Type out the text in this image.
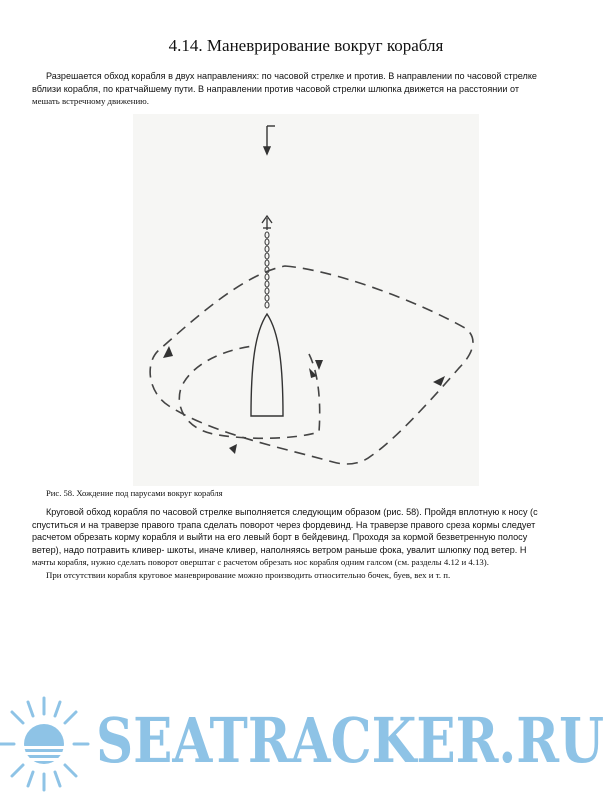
4.14. Маневрирование вокруг корабля
Разрешается обход корабля в двух направлениях: по часовой стрелке и против. В направлении по часовой стрелке
вблизи корабля, по кратчайшему пути. В направлении против часовой стрелки шлюпка движется на расстоянии от
мешать встречному движению.
Рис. 58. Хождение под парусами вокруг корабля
Круговой обход корабля по часовой стрелке выполняется следующим образом (рис. 58). Пройдя вплотную к носу (с
спуститься и на траверзе правого трапа сделать поворот через фордевинд. На траверзе правого среза кормы следует
расчетом обрезать корму корабля и выйти на его левый борт в бейдевинд. Проходя за кормой безветренную полосу
ветер), надо потравить кливер- шкоты, иначе кливер, наполняясь ветром раньше фока, увалит шлюпку под ветер. Н
мачты корабля, нужно сделать поворот оверштаг с расчетом обрезать нос корабля одним галсом (см. разделы 4.12 и 4.13).
При отсутствии корабля круговое маневрирование можно производить относительно бочек, буев, вех и т. п.
SEATRACKER.RU
